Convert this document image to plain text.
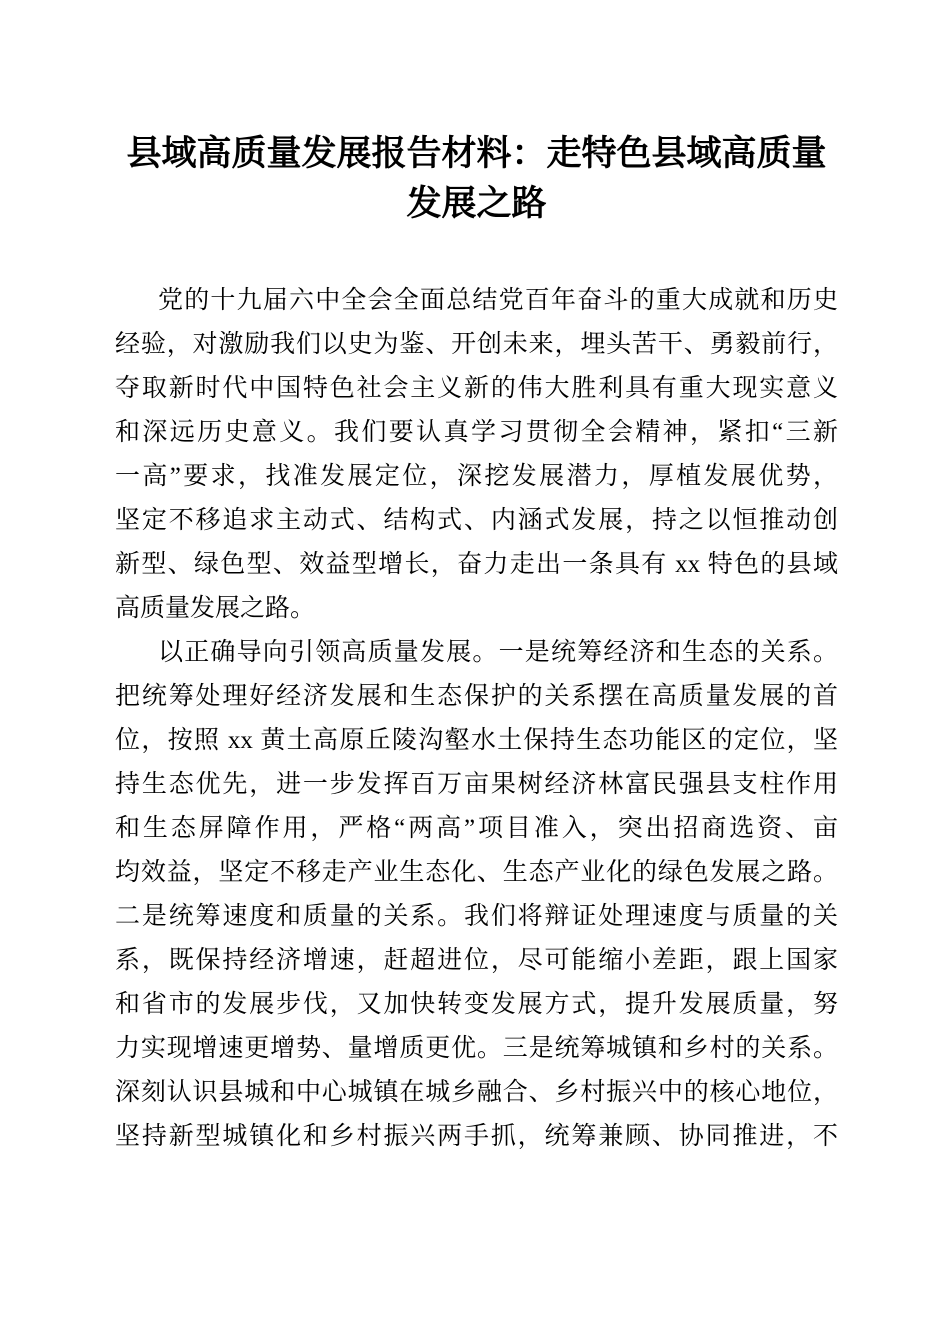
县域高质量发展报告材料：走特色县域高质量
发展之路

党的十九届六中全会全面总结党百年奋斗的重大成就和历史
经验，对激励我们以史为鉴、开创未来，埋头苦干、勇毅前行，
夺取新时代中国特色社会主义新的伟大胜利具有重大现实意义
和深远历史意义。我们要认真学习贯彻全会精神，紧扣“三新
一高”要求，找准发展定位，深挖发展潜力，厚植发展优势，
坚定不移追求主动式、结构式、内涵式发展，持之以恒推动创
新型、绿色型、效益型增长，奋力走出一条具有 xx 特色的县域
高质量发展之路。

以正确导向引领高质量发展。一是统筹经济和生态的关系。
把统筹处理好经济发展和生态保护的关系摆在高质量发展的首
位，按照 xx 黄土高原丘陵沟壑水土保持生态功能区的定位，坚
持生态优先，进一步发挥百万亩果树经济林富民强县支柱作用
和生态屏障作用，严格“两高”项目准入，突出招商选资、亩
均效益，坚定不移走产业生态化、生态产业化的绿色发展之路。
二是统筹速度和质量的关系。我们将辩证处理速度与质量的关
系，既保持经济增速，赶超进位，尽可能缩小差距，跟上国家
和省市的发展步伐，又加快转变发展方式，提升发展质量，努
力实现增速更增势、量增质更优。三是统筹城镇和乡村的关系。
深刻认识县城和中心城镇在城乡融合、乡村振兴中的核心地位，
坚持新型城镇化和乡村振兴两手抓，统筹兼顾、协同推进，不
